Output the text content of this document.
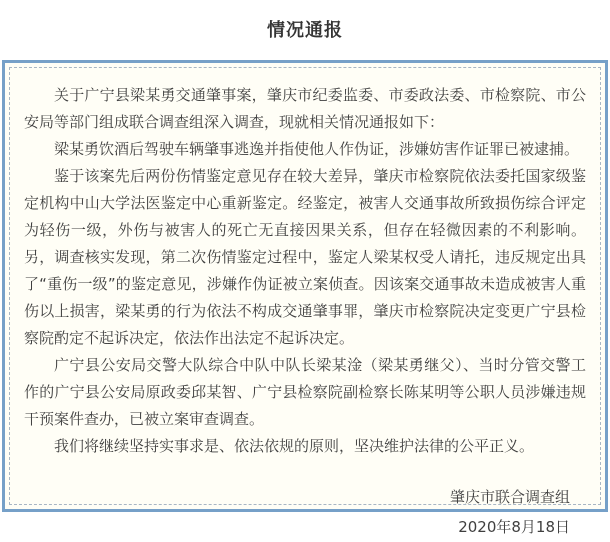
情况通报

关于广宁县梁某勇交通肇事案，肇庆市纪委监委、市委政法委、市检察院、市公安局等部门组成联合调查组深入调查，现就相关情况通报如下：

梁某勇饮酒后驾驶车辆肇事逃逸并指使他人作伪证，涉嫌妨害作证罪已被逮捕。

鉴于该案先后两份伤情鉴定意见存在较大差异，肇庆市检察院依法委托国家级鉴定机构中山大学法医鉴定中心重新鉴定。经鉴定，被害人交通事故所致损伤综合评定为轻伤一级，外伤与被害人的死亡无直接因果关系，但存在轻微因素的不利影响。另，调查核实发现，第二次伤情鉴定过程中，鉴定人梁某权受人请托，违反规定出具了“重伤一级”的鉴定意见，涉嫌作伪证被立案侦查。因该案交通事故未造成被害人重伤以上损害，梁某勇的行为依法不构成交通肇事罪，肇庆市检察院决定变更广宁县检察院酌定不起诉决定，依法作出法定不起诉决定。

广宁县公安局交警大队综合中队中队长梁某淦（梁某勇继父）、当时分管交警工作的广宁县公安局原政委邱某智、广宁县检察院副检察长陈某明等公职人员涉嫌违规干预案件查办，已被立案审查调查。

我们将继续坚持实事求是、依法依规的原则，坚决维护法律的公平正义。

肇庆市联合调查组

2020年8月18日
